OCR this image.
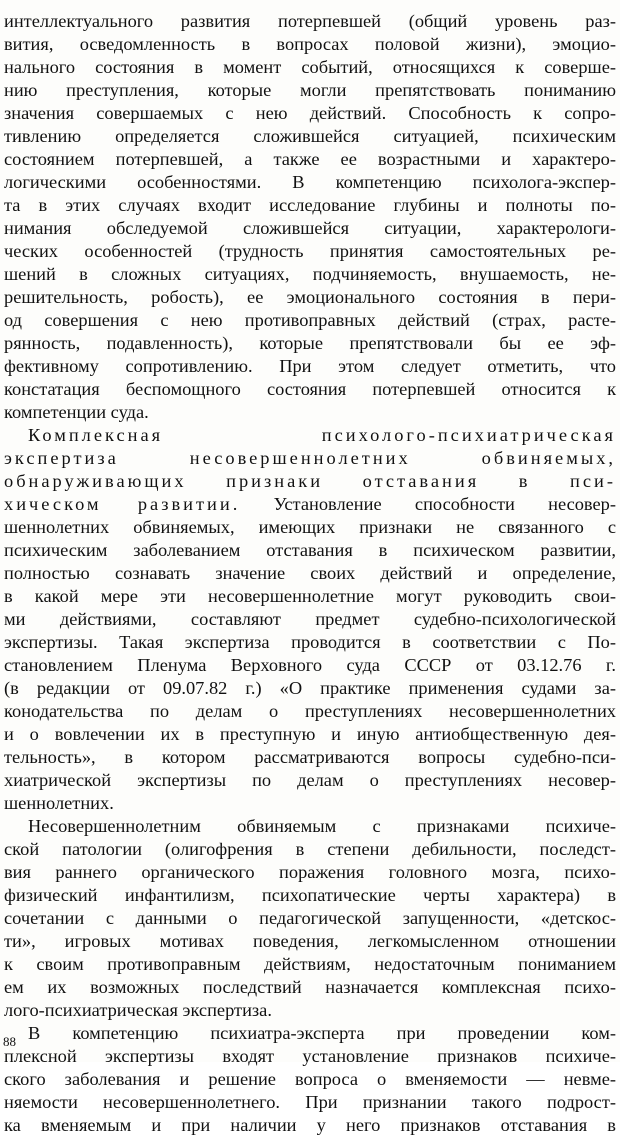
интеллектуального развития потерпевшей (общий уровень раз-
вития, осведомленность в вопросах половой жизни), эмоцио-
нального состояния в момент событий, относящихся к совершe-
нию преступления, которые могли препятствовать пониманию
значения совершаемых с нею действий. Способность к сопро-
тивлению определяется сложившейся ситуацией, психическим
состоянием потерпевшей, а также ее возрастными и характеро-
логическими особенностями. В компетенцию психолога-экспер-
та в этих случаях входит исследование глубины и полноты по-
нимания обследуемой сложившейся ситуации, характерологи-
ческих особенностей (трудность принятия самостоятельных ре-
шений в сложных ситуациях, подчиняемость, внушаемость, не-
решительность, робость), ее эмоционального состояния в пери-
од совершения с нею противоправных действий (страх, расте-
рянность, подавленность), которые препятствовали бы ее эф-
фективному сопротивлению. При этом следует отметить, что
констатация беспомощного состояния потерпевшей относится к
компетенции суда.
Комплексная психолого-психиатрическая
экспертиза несовершеннолетних обвиняемых,
обнаруживающих признаки отставания в пси-
хическом развитии. Установление способности несовер-
шеннолетних обвиняемых, имеющих признаки не связанного с
психическим заболеванием отставания в психическом развитии,
полностью сознавать значение своих действий и определение,
в какой мере эти несовершеннолетние могут руководить свои-
ми действиями, составляют предмет судебно-психологической
экспертизы. Такая экспертиза проводится в соответствии с По-
становлением Пленума Верховного суда СССР от 03.12.76 г.
(в редакции от 09.07.82 г.) «О практике применения судами за-
конодательства по делам о преступлениях несовершеннолетних
и о вовлечении их в преступную и иную антиобщественную дея-
тельность», в котором рассматриваются вопросы судебно-пси-
хиатрической экспертизы по делам о преступлениях несовер-
шеннолетних.
Несовершеннолетним обвиняемым с признаками психиче-
ской патологии (олигофрения в степени дебильности, последст-
вия раннего органического поражения головного мозга, психо-
физический инфантилизм, психопатические черты характера) в
сочетании с данными о педагогической запущенности, «детскос-
ти», игровых мотивах поведения, легкомысленном отношении
к своим противоправным действиям, недостаточным пониманием
ем их возможных последствий назначается комплексная психо-
лого-психиатрическая экспертиза.
В компетенцию психиатра-эксперта при проведении ком-
плексной экспертизы входят установление признаков психиче-
ского заболевания и решение вопроса о вменяемости — невме-
няемости несовершеннолетнего. При признании такого подрост-
ка вменяемым и при наличии у него признаков отставания в
88
